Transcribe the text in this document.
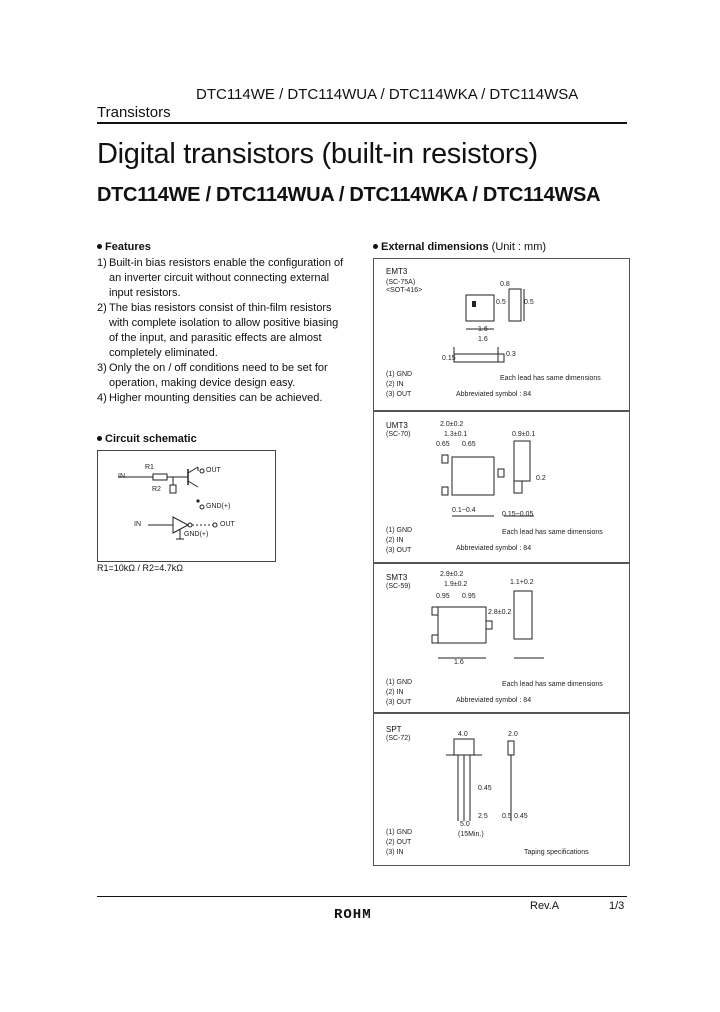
DTC114WE / DTC114WUA / DTC114WKA / DTC114WSA
Transistors
Digital transistors (built-in resistors)
DTC114WE / DTC114WUA / DTC114WKA / DTC114WSA
Features
1) Built-in bias resistors enable the configuration of
an inverter circuit without connecting external
input resistors.
2) The bias resistors consist of thin-film resistors
with complete isolation to allow positive biasing
of the input, and parasitic effects are almost
completely eliminated.
3) Only the on / off conditions need to be set for
operation, making device design easy.
4) Higher mounting densities can be achieved.
Circuit schematic
IN
OUT
GND(+)
R1
R2
IN	OUT
GND(+)
R1=10kΩ / R2=4.7kΩ
External dimensions (Unit : mm)
EMT3
(SC-75A)
<SOT-416>
1.6
1.6
0.8
0.5	0.5
0.3
0.15
(1) GND
(2) IN
(3) OUT
Each lead has same dimensions
Abbreviated symbol : 84
UMT3
(SC-70)
2.0±0.2
1.3±0.1
0.65 0.65
0.9±0.1
0.15~0.05
0.1~0.4
0.2
(1) GND
(2) IN
(3) OUT
Each lead has same dimensions
Abbreviated symbol : 84
SMT3
(SC-59)
2.9±0.2
1.9±0.2
0.95 0.95
1.1+0.2
2.8±0.2
1.6
(1) GND
(2) IN
(3) OUT
Each lead has same dimensions
Abbreviated symbol : 84
SPT
(SC-72)
4.0	2.0
0.45
0.45
2.5
5.0
0.5
(15Min.)
(1) GND
(2) OUT
(3) IN	Taping specifications
ROHM
Rev.A	1/3
